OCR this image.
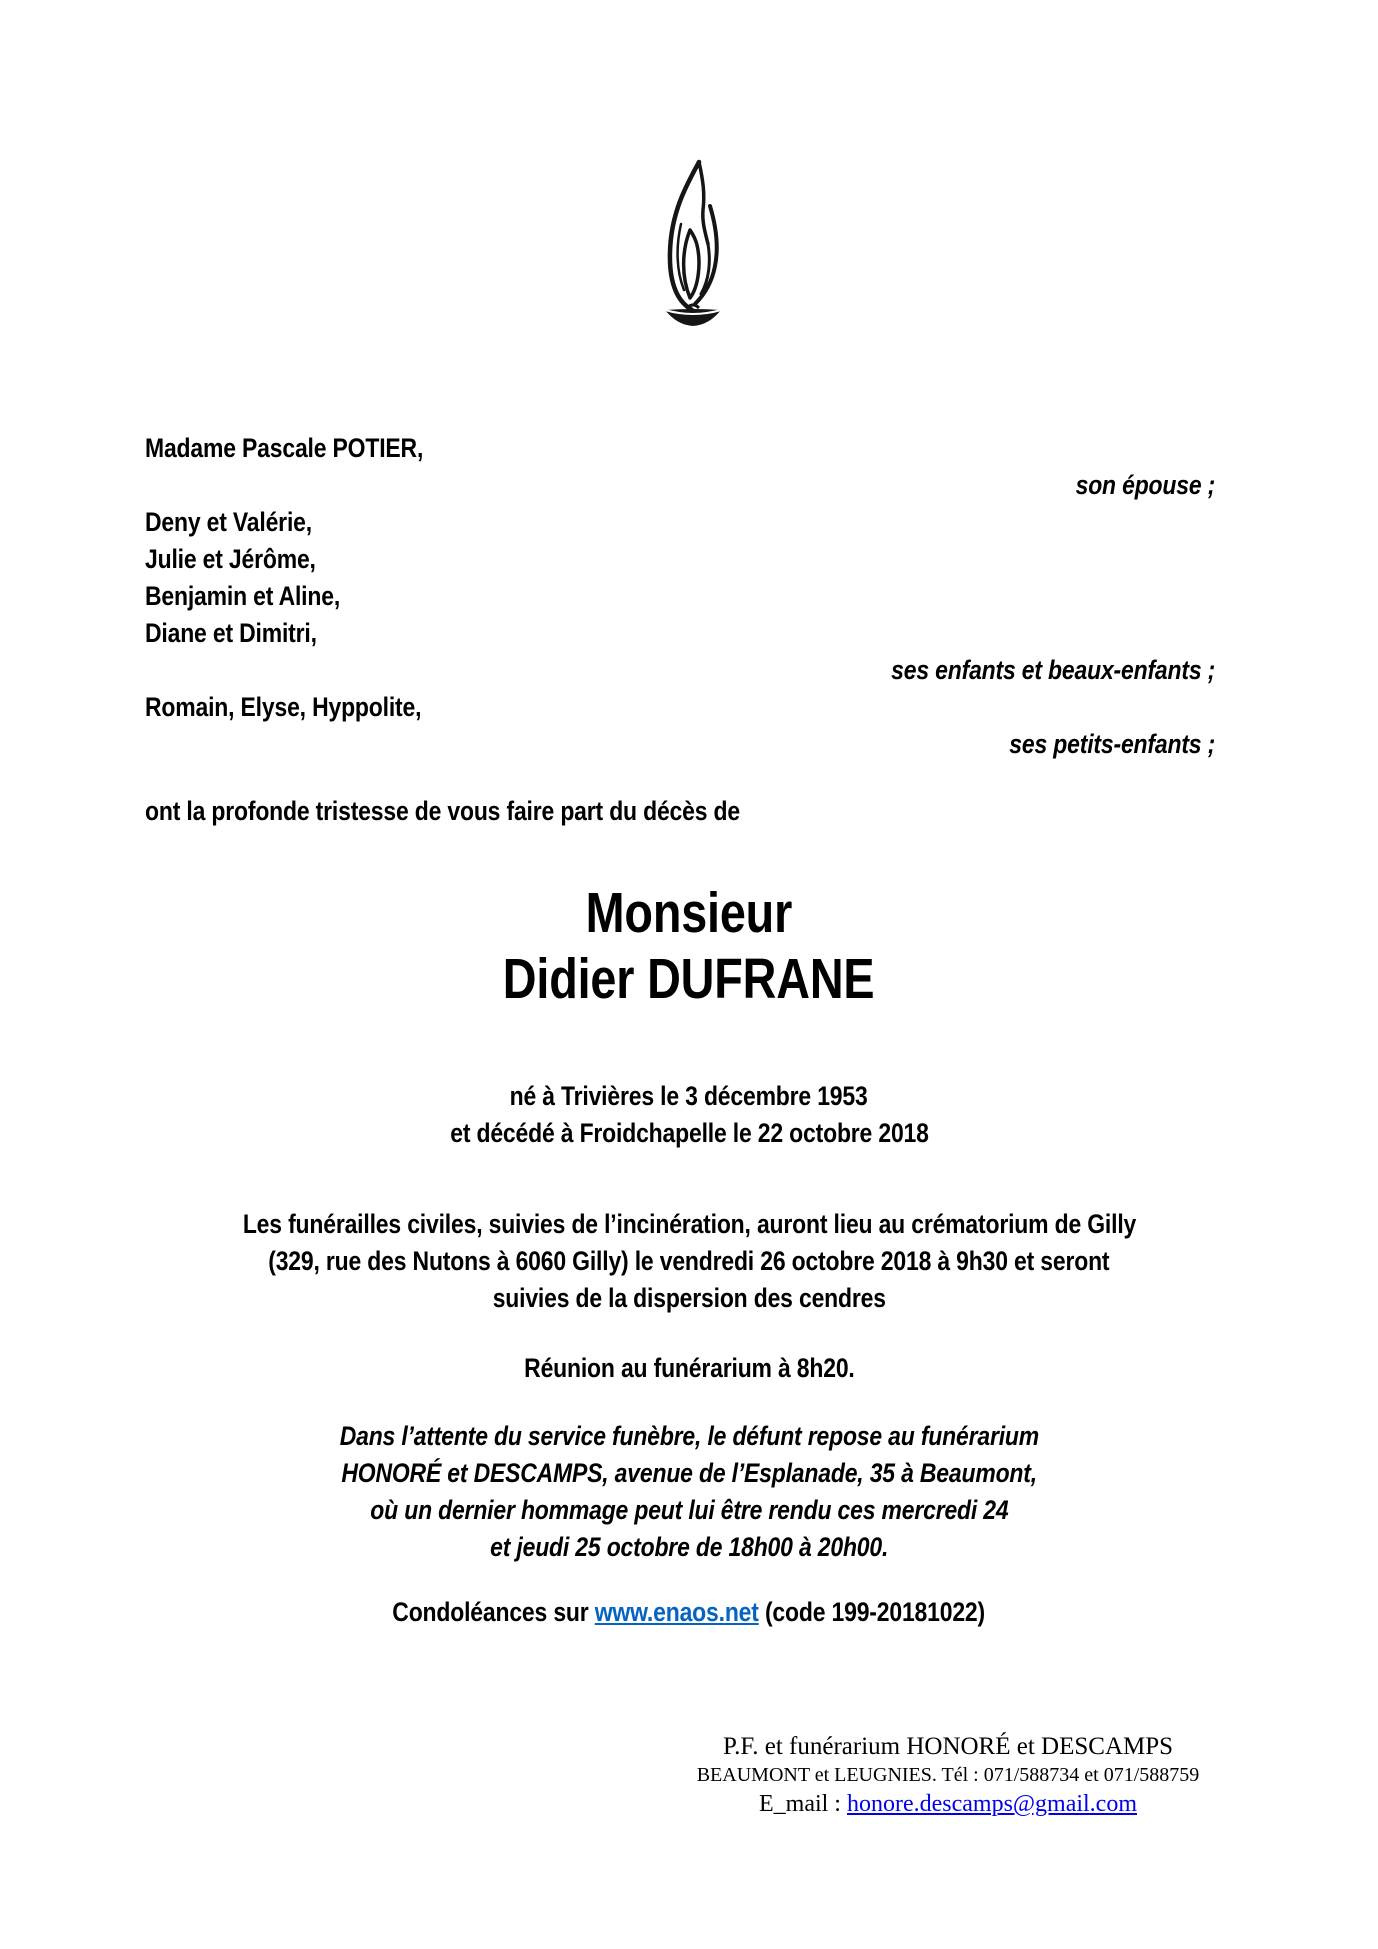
Madame Pascale POTIER,
son épouse ;
Deny et Valérie,
Julie et Jérôme,
Benjamin et Aline,
Diane et Dimitri,
ses enfants et beaux-enfants ;
Romain, Elyse, Hyppolite,
ses petits-enfants ;
ont la profonde tristesse de vous faire part du décès de
Monsieur
Didier DUFRANE
né à Trivières le 3 décembre 1953
et décédé à Froidchapelle le 22 octobre 2018
Les funérailles civiles, suivies de l’incinération, auront lieu au crématorium de Gilly
(329, rue des Nutons à 6060 Gilly) le vendredi 26 octobre 2018 à 9h30 et seront
suivies de la dispersion des cendres
Réunion au funérarium à 8h20.
Dans l’attente du service funèbre, le défunt repose au funérarium
HONORÉ et DESCAMPS, avenue de l’Esplanade, 35 à Beaumont,
où un dernier hommage peut lui être rendu ces mercredi 24
et jeudi 25 octobre de 18h00 à 20h00.
Condoléances sur www.enaos.net (code 199-20181022)
P.F. et funérarium HONORÉ et DESCAMPS
BEAUMONT et LEUGNIES. Tél : 071/588734 et 071/588759
E_mail : honore.descamps@gmail.com
